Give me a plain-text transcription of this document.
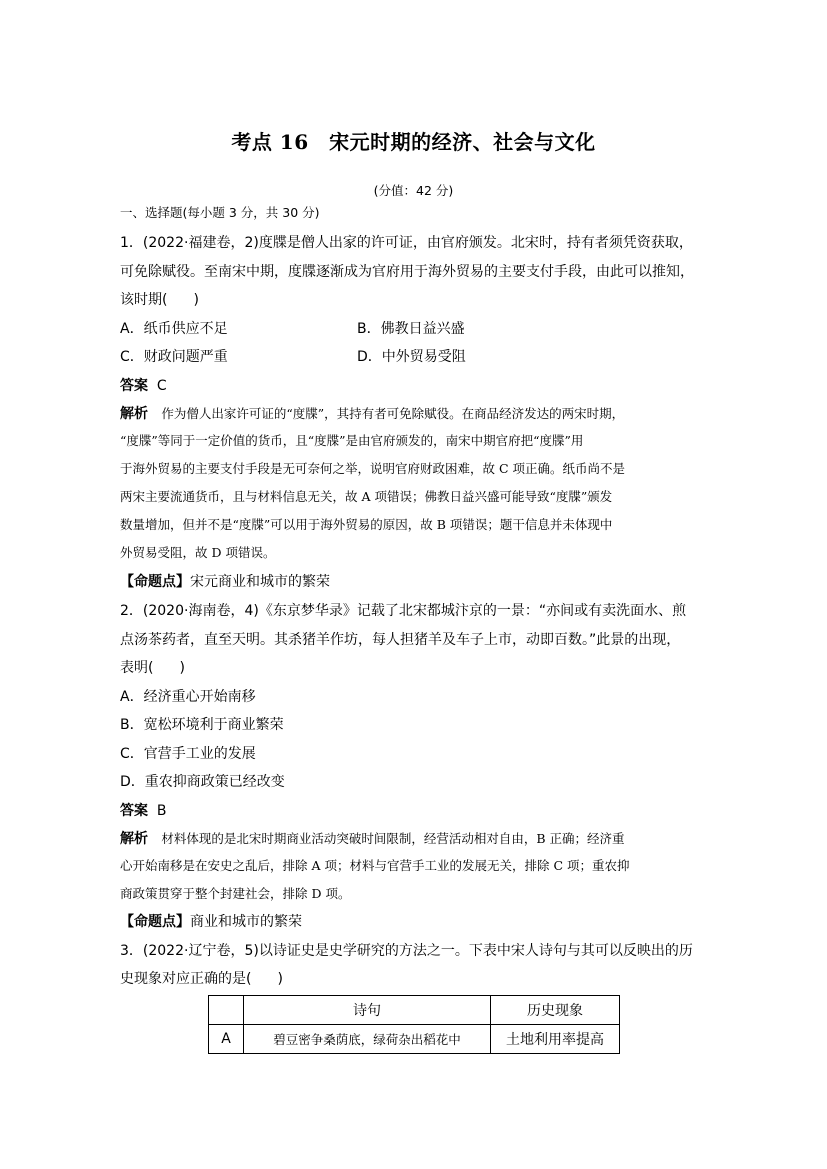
考点 16　宋元时期的经济、社会与文化
(分值：42 分)
一、选择题(每小题 3 分，共 30 分)
1．(2022·福建卷，2)度牒是僧人出家的许可证，由官府颁发。北宋时，持有者须凭资获取，
可免除赋役。至南宋中期，度牒逐渐成为官府用于海外贸易的主要支付手段，由此可以推知，
该时期( )
A．纸币供应不足	B．佛教日益兴盛
C．财政问题严重	D．中外贸易受阻
答案 C
解析 作为僧人出家许可证的“度牒”，其持有者可免除赋役。在商品经济发达的两宋时期，
“度牒”等同于一定价值的货币，且“度牒”是由官府颁发的，南宋中期官府把“度牒”用
于海外贸易的主要支付手段是无可奈何之举，说明官府财政困难，故 C 项正确。纸币尚不是
两宋主要流通货币，且与材料信息无关，故 A 项错误；佛教日益兴盛可能导致“度牒”颁发
数量增加，但并不是“度牒”可以用于海外贸易的原因，故 B 项错误；题干信息并未体现中
外贸易受阻，故 D 项错误。
【命题点】宋元商业和城市的繁荣
2．(2020·海南卷，4)《东京梦华录》记载了北宋都城汴京的一景：“亦间或有卖洗面水、煎
点汤茶药者，直至天明。其杀猪羊作坊，每人担猪羊及车子上市，动即百数。”此景的出现，
表明( )
A．经济重心开始南移
B．宽松环境利于商业繁荣
C．官营手工业的发展
D．重农抑商政策已经改变
答案 B
解析 材料体现的是北宋时期商业活动突破时间限制，经营活动相对自由，B 正确；经济重
心开始南移是在安史之乱后，排除 A 项；材料与官营手工业的发展无关，排除 C 项；重农抑
商政策贯穿于整个封建社会，排除 D 项。
【命题点】商业和城市的繁荣
3．(2022·辽宁卷，5)以诗证史是史学研究的方法之一。下表中宋人诗句与其可以反映出的历
史现象对应正确的是( )
	诗句	历史现象
A	碧豆密争桑荫底，绿荷杂出稻花中	土地利用率提高
